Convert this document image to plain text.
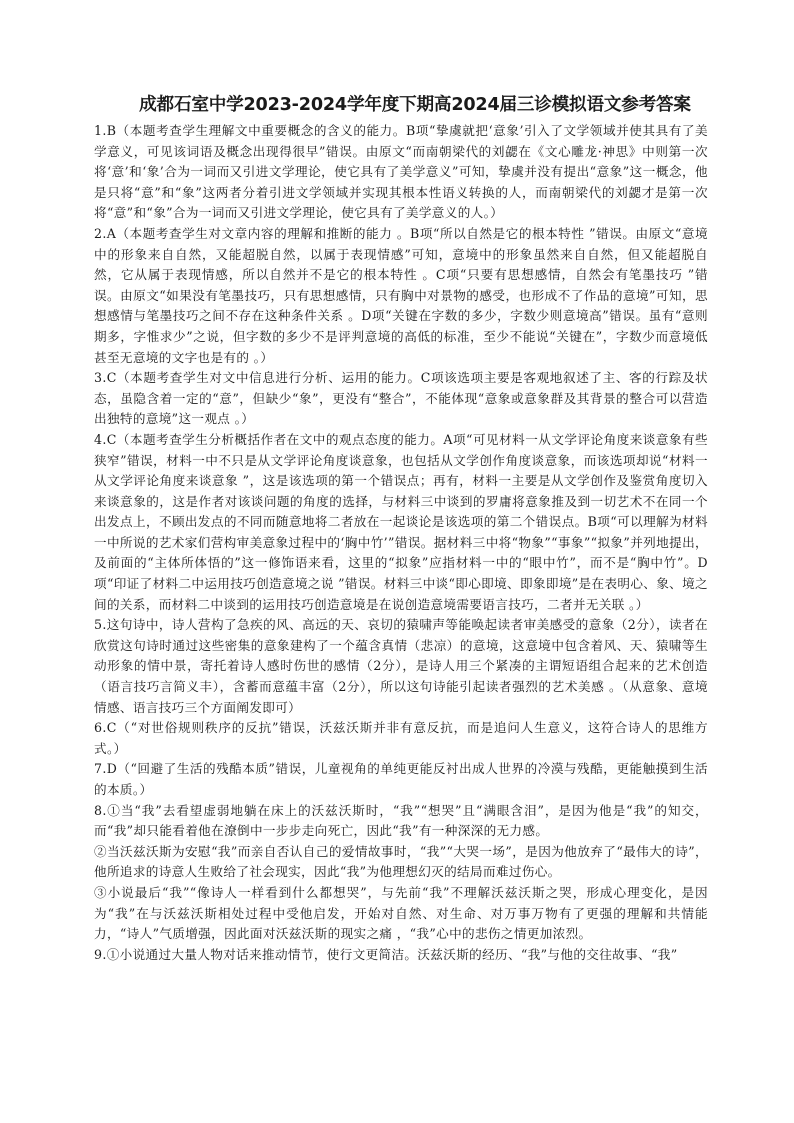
成都石室中学2023-2024学年度下期高2024届三诊模拟语文参考答案

1.B（本题考查学生理解文中重要概念的含义的能力。B项“挚虞就把‘意象’引入了文学领域并使其具有了美学意义，可见该词语及概念出现得很早”错误。由原文“而南朝梁代的刘勰在《文心雕龙·神思》中则第一次将‘意’和‘象’合为一词而又引进文学理论，使它具有了美学意义”可知，挚虞并没有提出“意象”这一概念，他是只将“意”和“象”这两者分着引进文学领域并实现其根本性语义转换的人，而南朝梁代的刘勰才是第一次将“意”和“象”合为一词而又引进文学理论，使它具有了美学意义的人。）

2.A（本题考查学生对文章内容的理解和推断的能力 。B项“所以自然是它的根本特性 ”错误。由原文“意境中的形象来自自然，又能超脱自然，以属于表现情感”可知，意境中的形象虽然来自自然，但又能超脱自然，它从属于表现情感，所以自然并不是它的根本特性 。C项“只要有思想感情，自然会有笔墨技巧 ”错误。由原文“如果没有笔墨技巧，只有思想感情，只有胸中对景物的感受，也形成不了作品的意境”可知，思想感情与笔墨技巧之间不存在这种条件关系 。D项“关键在字数的多少，字数少则意境高”错误。虽有“意则期多，字惟求少”之说，但字数的多少不是评判意境的高低的标准，至少不能说“关键在”，字数少而意境低甚至无意境的文字也是有的 。）

3.C（本题考查学生对文中信息进行分析、运用的能力。C项该选项主要是客观地叙述了主、客的行踪及状态，虽隐含着一定的“意”，但缺少“象”，更没有“整合”，不能体现“意象或意象群及其背景的整合可以营造出独特的意境”这一观点 。）

4.C（本题考查学生分析概括作者在文中的观点态度的能力。A项“可见材料一从文学评论角度来谈意象有些狭窄”错误，材料一中不只是从文学评论角度谈意象，也包括从文学创作角度谈意象，而该选项却说“材料一从文学评论角度来谈意象 ”，这是该选项的第一个错误点；再有，材料一主要是从文学创作及鉴赏角度切入来谈意象的，这是作者对该谈问题的角度的选择，与材料三中谈到的罗庸将意象推及到一切艺术不在同一个出发点上，不顾出发点的不同而随意地将二者放在一起谈论是该选项的第二个错误点。B项“可以理解为材料一中所说的艺术家们营构审美意象过程中的‘胸中竹’”错误。据材料三中将“物象”“事象”“拟象”并列地提出，及前面的“主体所体悟的”这一修饰语来看，这里的“拟象”应指材料一中的“眼中竹”，而不是“胸中竹”。D项“印证了材料二中运用技巧创造意境之说 ”错误。材料三中谈“即心即境、即象即境”是在表明心、象、境之间的关系，而材料二中谈到的运用技巧创造意境是在说创造意境需要语言技巧，二者并无关联 。）

5.这句诗中，诗人营构了急疾的风、高远的天、哀切的猿啸声等能唤起读者审美感受的意象（2分），读者在欣赏这句诗时通过这些密集的意象建构了一个蕴含真情（悲凉）的意境，这意境中包含着风、天、猿啸等生动形象的情中景，寄托着诗人感时伤世的感情（2分），是诗人用三个紧凑的主谓短语组合起来的艺术创造（语言技巧言简义丰），含蓄而意蕴丰富（2分），所以这句诗能引起读者强烈的艺术美感 。（从意象、意境情感、语言技巧三个方面阐发即可）

6.C（“对世俗规则秩序的反抗”错误，沃兹沃斯并非有意反抗，而是追问人生意义，这符合诗人的思维方式。）

7.D（“回避了生活的残酷本质”错误，儿童视角的单纯更能反衬出成人世界的冷漠与残酷，更能触摸到生活的本质。）

8.①当“我”去看望虚弱地躺在床上的沃兹沃斯时，“我”“想哭”且“满眼含泪”，是因为他是“我”的知交，而“我”却只能看着他在潦倒中一步步走向死亡，因此“我”有一种深深的无力感。

②当沃兹沃斯为安慰“我”而亲自否认自己的爱情故事时，“我”“大哭一场”，是因为他放弃了“最伟大的诗”，他所追求的诗意人生败给了社会现实，因此“我”为他理想幻灭的结局而难过伤心。

③小说最后“我”“像诗人一样看到什么都想哭”，与先前“我”不理解沃兹沃斯之哭，形成心理变化，是因为“我”在与沃兹沃斯相处过程中受他启发，开始对自然、对生命、对万事万物有了更强的理解和共情能力，“诗人”气质增强，因此面对沃兹沃斯的现实之痛 ，“我”心中的悲伤之情更加浓烈。

9.①小说通过大量人物对话来推动情节，使行文更简洁。沃兹沃斯的经历、“我”与他的交往故事、“我”
